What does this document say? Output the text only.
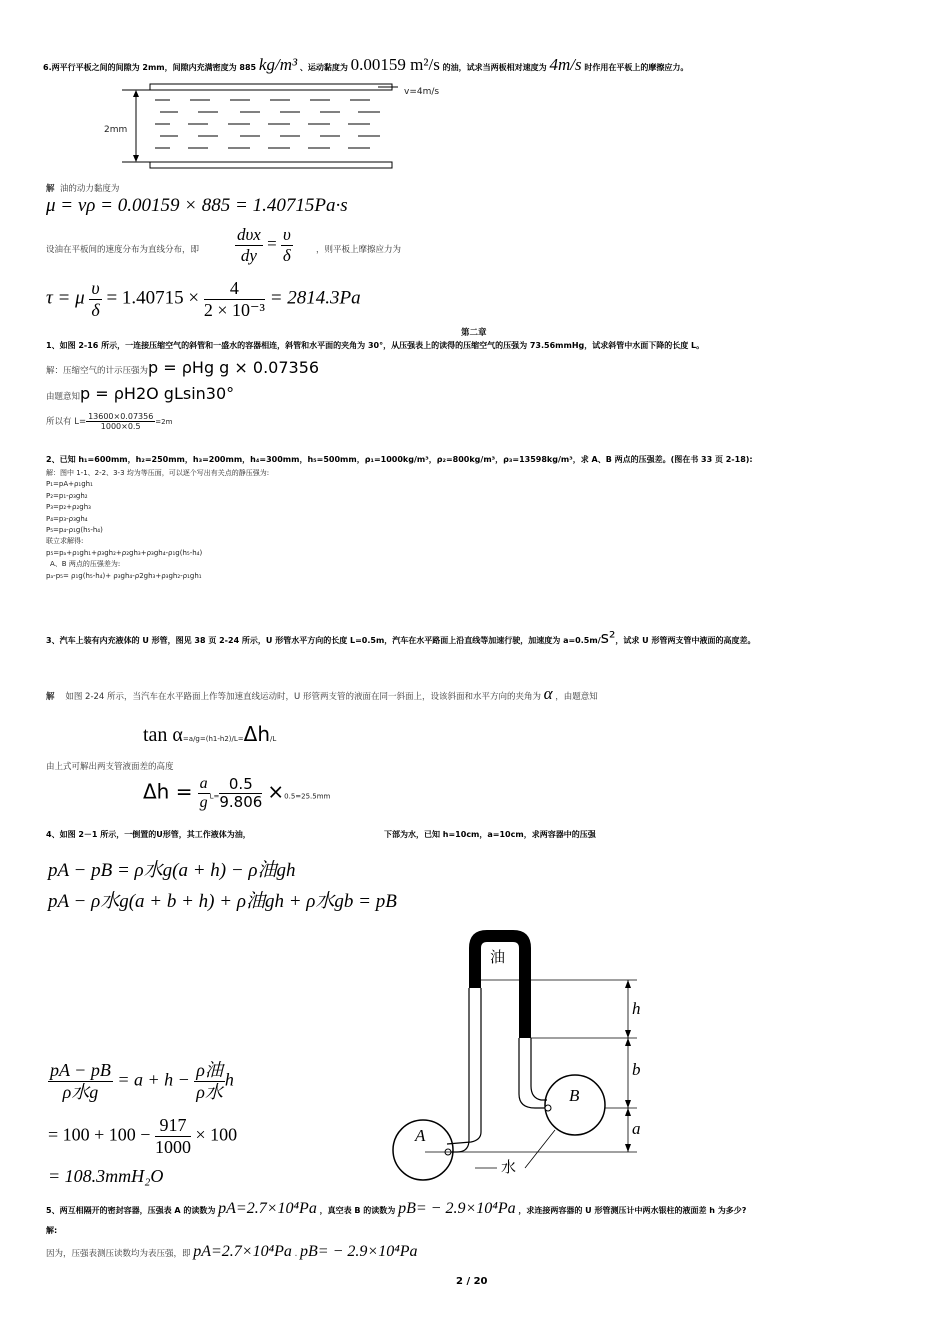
6.两平行平板之间的间隙为 2mm，间隙内充满密度为 885 kg/m³ 、运动黏度为 0.00159 m²/s 的油，试求当两板相对速度为 4m/s 时作用在平板上的摩擦应力。
v=4m/s
2mm
解 油的动力黏度为
μ = νρ = 0.00159 × 885 = 1.40715Pa·s
设油在平板间的速度分布为直线分布，即 $\frac{\text{dυx}}{dy} = \frac{\upsilon}{\delta}$	，则平板上摩擦应力为
τ = μ $\frac{\upsilon}{\delta} = 1.40715 \times \frac{4}{\text{2 × 10⁻³}} = 2814.3Pa$
第二章
1、如图 2-16 所示，一连接压缩空气的斜管和一盛水的容器相连，斜管和水平面的夹角为 30°，从压强表上的读得的压缩空气的压强为 73.56mmHg，试求斜管中水面下降的长度 L。
解：压缩空气的计示压强为p = ρHg g × 0.07356
由题意知p = ρH2O gLsin30°
所以有 $L= \frac{13600\times 0.07356}{1000\times 0.5} =2m$
2、已知 h₁=600mm，h₂=250mm，h₃=200mm，h₄=300mm，h₅=500mm，ρ₁=1000kg/m³，ρ₂=800kg/m³，ρ₃=13598kg/m³，求 A、B 两点的压强差。(图在书 33 页 2-18):
解：图中 1-1、2-2、3-3 均为等压面，可以逐个写出有关点的静压强为:
P₁=pA+ρ₁gh₁
P₂=p₁-ρ₃gh₂
P₃=p₂+ρ₂gh₃
P₄=p₃-ρ₃gh₄
P₅=p₄-ρ₁g(h₅-h₄)
联立求解得:
p₅=pₐ+ρ₁gh₁+ρ₃gh₂+ρ₂gh₃+ρ₃gh₄-ρ₁g(h₅-h₄)
A、B 两点的压强差为:
pₐ-p₅= ρ₁g(h₅-h₄)+ ρ₃gh₄-ρ2gh₃+ρ₃gh₂-ρ₁gh₁
3、汽车上装有内充液体的 U 形管，图见 38 页 2-24 所示，U 形管水平方向的长度 L=0.5m，汽车在水平路面上沿直线等加速行驶，加速度为 a=0.5m/s²，试求 U 形管两支管中液面的高度差。
解 如图 2-24 所示，当汽车在水平路面上作等加速直线运动时，U 形管两支管的液面在同一斜面上，设该斜面和水平方向的夹角为 α ，由题意知
tan α=a/g=(h1-h2)/L=Δh/L
由上式可解出两支管液面差的高度
$\Delta h = \frac{a}{g} L= \frac{0.5}{9.806} \times 0.5=25.5mm$
4、如图 2－1 所示，一倒置的U形管，其工作液体为油，	下部为水，已知 h=10cm，a=10cm，求两容器中的压强
pA − pB = ρ水g(a + h) − ρ油gh
pA − ρ水g(a + b + h) + ρ油gh + ρ水gb = pB
$\frac{pA - pB}{\text{ρ水g}} = a + h - \frac{\text{ρ油}}{\text{ρ水}}$ h
= $100 + 100 - \frac{917}{1000} \times 100$
= 108.3mmH₂O
油
水
A
B
h
b
a
5、两互相隔开的密封容器，压强表 A 的读数为 pA=2.7×10⁴Pa ，真空表 B 的读数为 pB= − 2.9×10⁴Pa ，求连接两容器的 U 形管测压计中两水银柱的液面差 h 为多少?
解:
因为，压强表测压读数均为表压强，即 pA=2.7×10⁴Pa . pB= − 2.9×10⁴Pa
2 / 20
